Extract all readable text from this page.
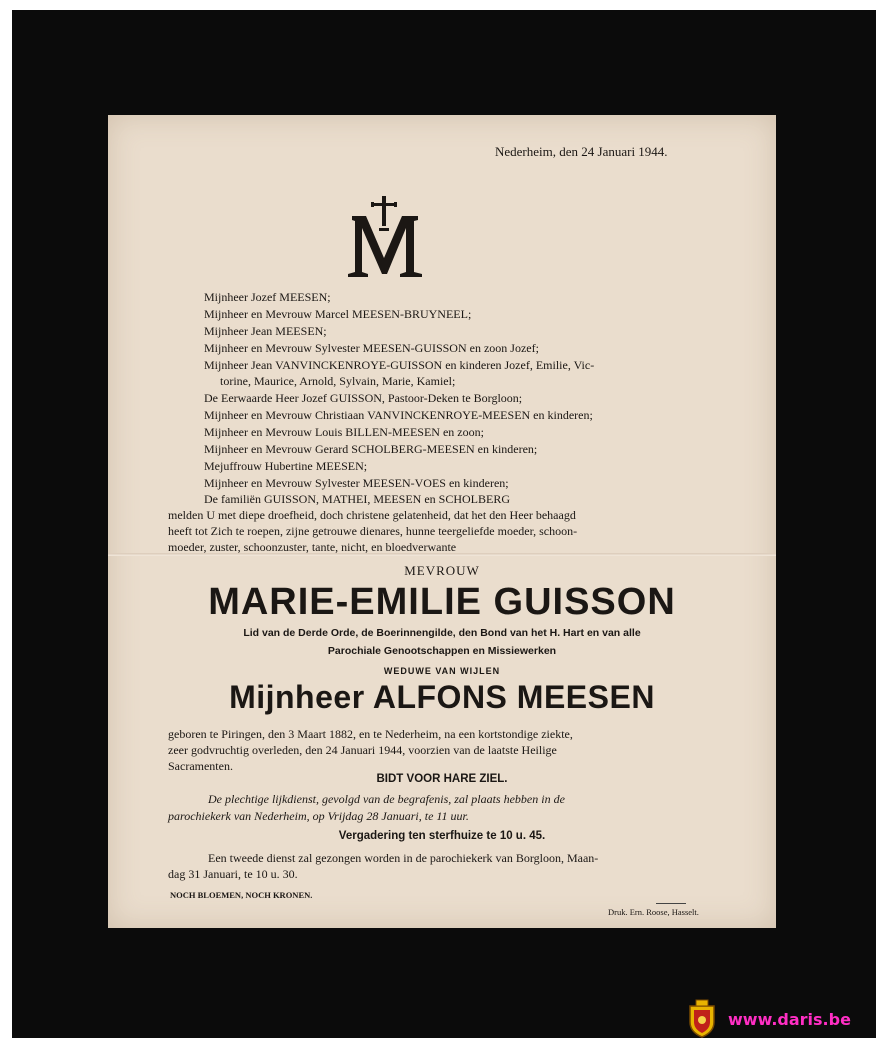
Nederheim, den 24 Januari 1944.
Mijnheer Jozef MEESEN;
Mijnheer en Mevrouw Marcel MEESEN-BRUYNEEL;
Mijnheer Jean MEESEN;
Mijnheer en Mevrouw Sylvester MEESEN-GUISSON en zoon Jozef;
Mijnheer Jean VANVINCKENROYE-GUISSON en kinderen Jozef, Emilie, Vic-
torine, Maurice, Arnold, Sylvain, Marie, Kamiel;
De Eerwaarde Heer Jozef GUISSON, Pastoor-Deken te Borgloon;
Mijnheer en Mevrouw Christiaan VANVINCKENROYE-MEESEN en kinderen;
Mijnheer en Mevrouw Louis BILLEN-MEESEN en zoon;
Mijnheer en Mevrouw Gerard SCHOLBERG-MEESEN en kinderen;
Mejuffrouw Hubertine MEESEN;
Mijnheer en Mevrouw Sylvester MEESEN-VOES en kinderen;
De familiën GUISSON, MATHEI, MEESEN en SCHOLBERG
melden U met diepe droefheid, doch christene gelatenheid, dat het den Heer behaagd
heeft tot Zich te roepen, zijne getrouwe dienares, hunne teergeliefde moeder, schoon-
moeder, zuster, schoonzuster, tante, nicht, en bloedverwante
MEVROUW
MARIE-EMILIE GUISSON
Lid van de Derde Orde, de Boerinnengilde, den Bond van het H. Hart en van alle
Parochiale Genootschappen en Missiewerken
WEDUWE VAN WIJLEN
Mijnheer ALFONS MEESEN
geboren te Piringen, den 3 Maart 1882, en te Nederheim, na een kortstondige ziekte,
zeer godvruchtig overleden, den 24 Januari 1944, voorzien van de laatste Heilige
Sacramenten.
BIDT VOOR HARE ZIEL.
De plechtige lijkdienst, gevolgd van de begrafenis, zal plaats hebben in de
parochiekerk van Nederheim, op Vrijdag 28 Januari, te 11 uur.
Vergadering ten sterfhuize te 10 u. 45.
Een tweede dienst zal gezongen worden in de parochiekerk van Borgloon, Maan-
dag 31 Januari, te 10 u. 30.
NOCH BLOEMEN, NOCH KRONEN.
Druk. Ern. Roose, Hasselt.
www.daris.be
